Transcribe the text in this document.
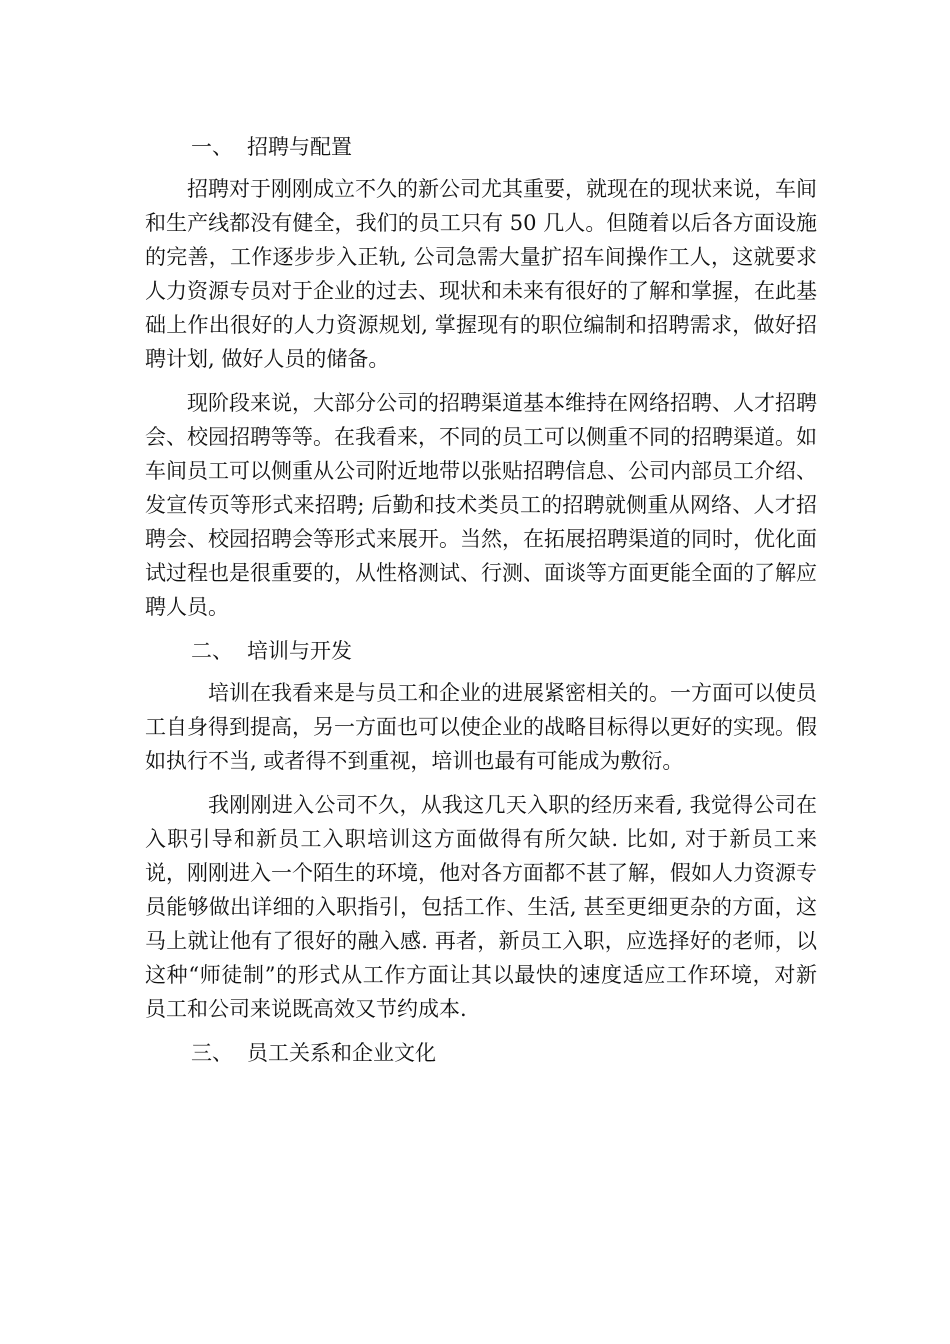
一、 招聘与配置

招聘对于刚刚成立不久的新公司尤其重要，就现在的现状来说，车间和生产线都没有健全，我们的员工只有 50 几人。但随着以后各方面设施的完善，工作逐步步入正轨, 公司急需大量扩招车间操作工人，这就要求人力资源专员对于企业的过去、现状和未来有很好的了解和掌握，在此基础上作出很好的人力资源规划, 掌握现有的职位编制和招聘需求，做好招聘计划, 做好人员的储备。

现阶段来说，大部分公司的招聘渠道基本维持在网络招聘、人才招聘会、校园招聘等等。在我看来，不同的员工可以侧重不同的招聘渠道。如车间员工可以侧重从公司附近地带以张贴招聘信息、公司内部员工介绍、发宣传页等形式来招聘; 后勤和技术类员工的招聘就侧重从网络、人才招聘会、校园招聘会等形式来展开。当然，在拓展招聘渠道的同时，优化面试过程也是很重要的，从性格测试、行测、面谈等方面更能全面的了解应聘人员。

二、 培训与开发

培训在我看来是与员工和企业的进展紧密相关的。一方面可以使员工自身得到提高，另一方面也可以使企业的战略目标得以更好的实现。假如执行不当, 或者得不到重视，培训也最有可能成为敷衍。

我刚刚进入公司不久，从我这几天入职的经历来看, 我觉得公司在入职引导和新员工入职培训这方面做得有所欠缺. 比如, 对于新员工来说，刚刚进入一个陌生的环境，他对各方面都不甚了解，假如人力资源专员能够做出详细的入职指引，包括工作、生活, 甚至更细更杂的方面，这马上就让他有了很好的融入感. 再者，新员工入职，应选择好的老师，以这种“师徒制”的形式从工作方面让其以最快的速度适应工作环境，对新员工和公司来说既高效又节约成本.

三、 员工关系和企业文化
